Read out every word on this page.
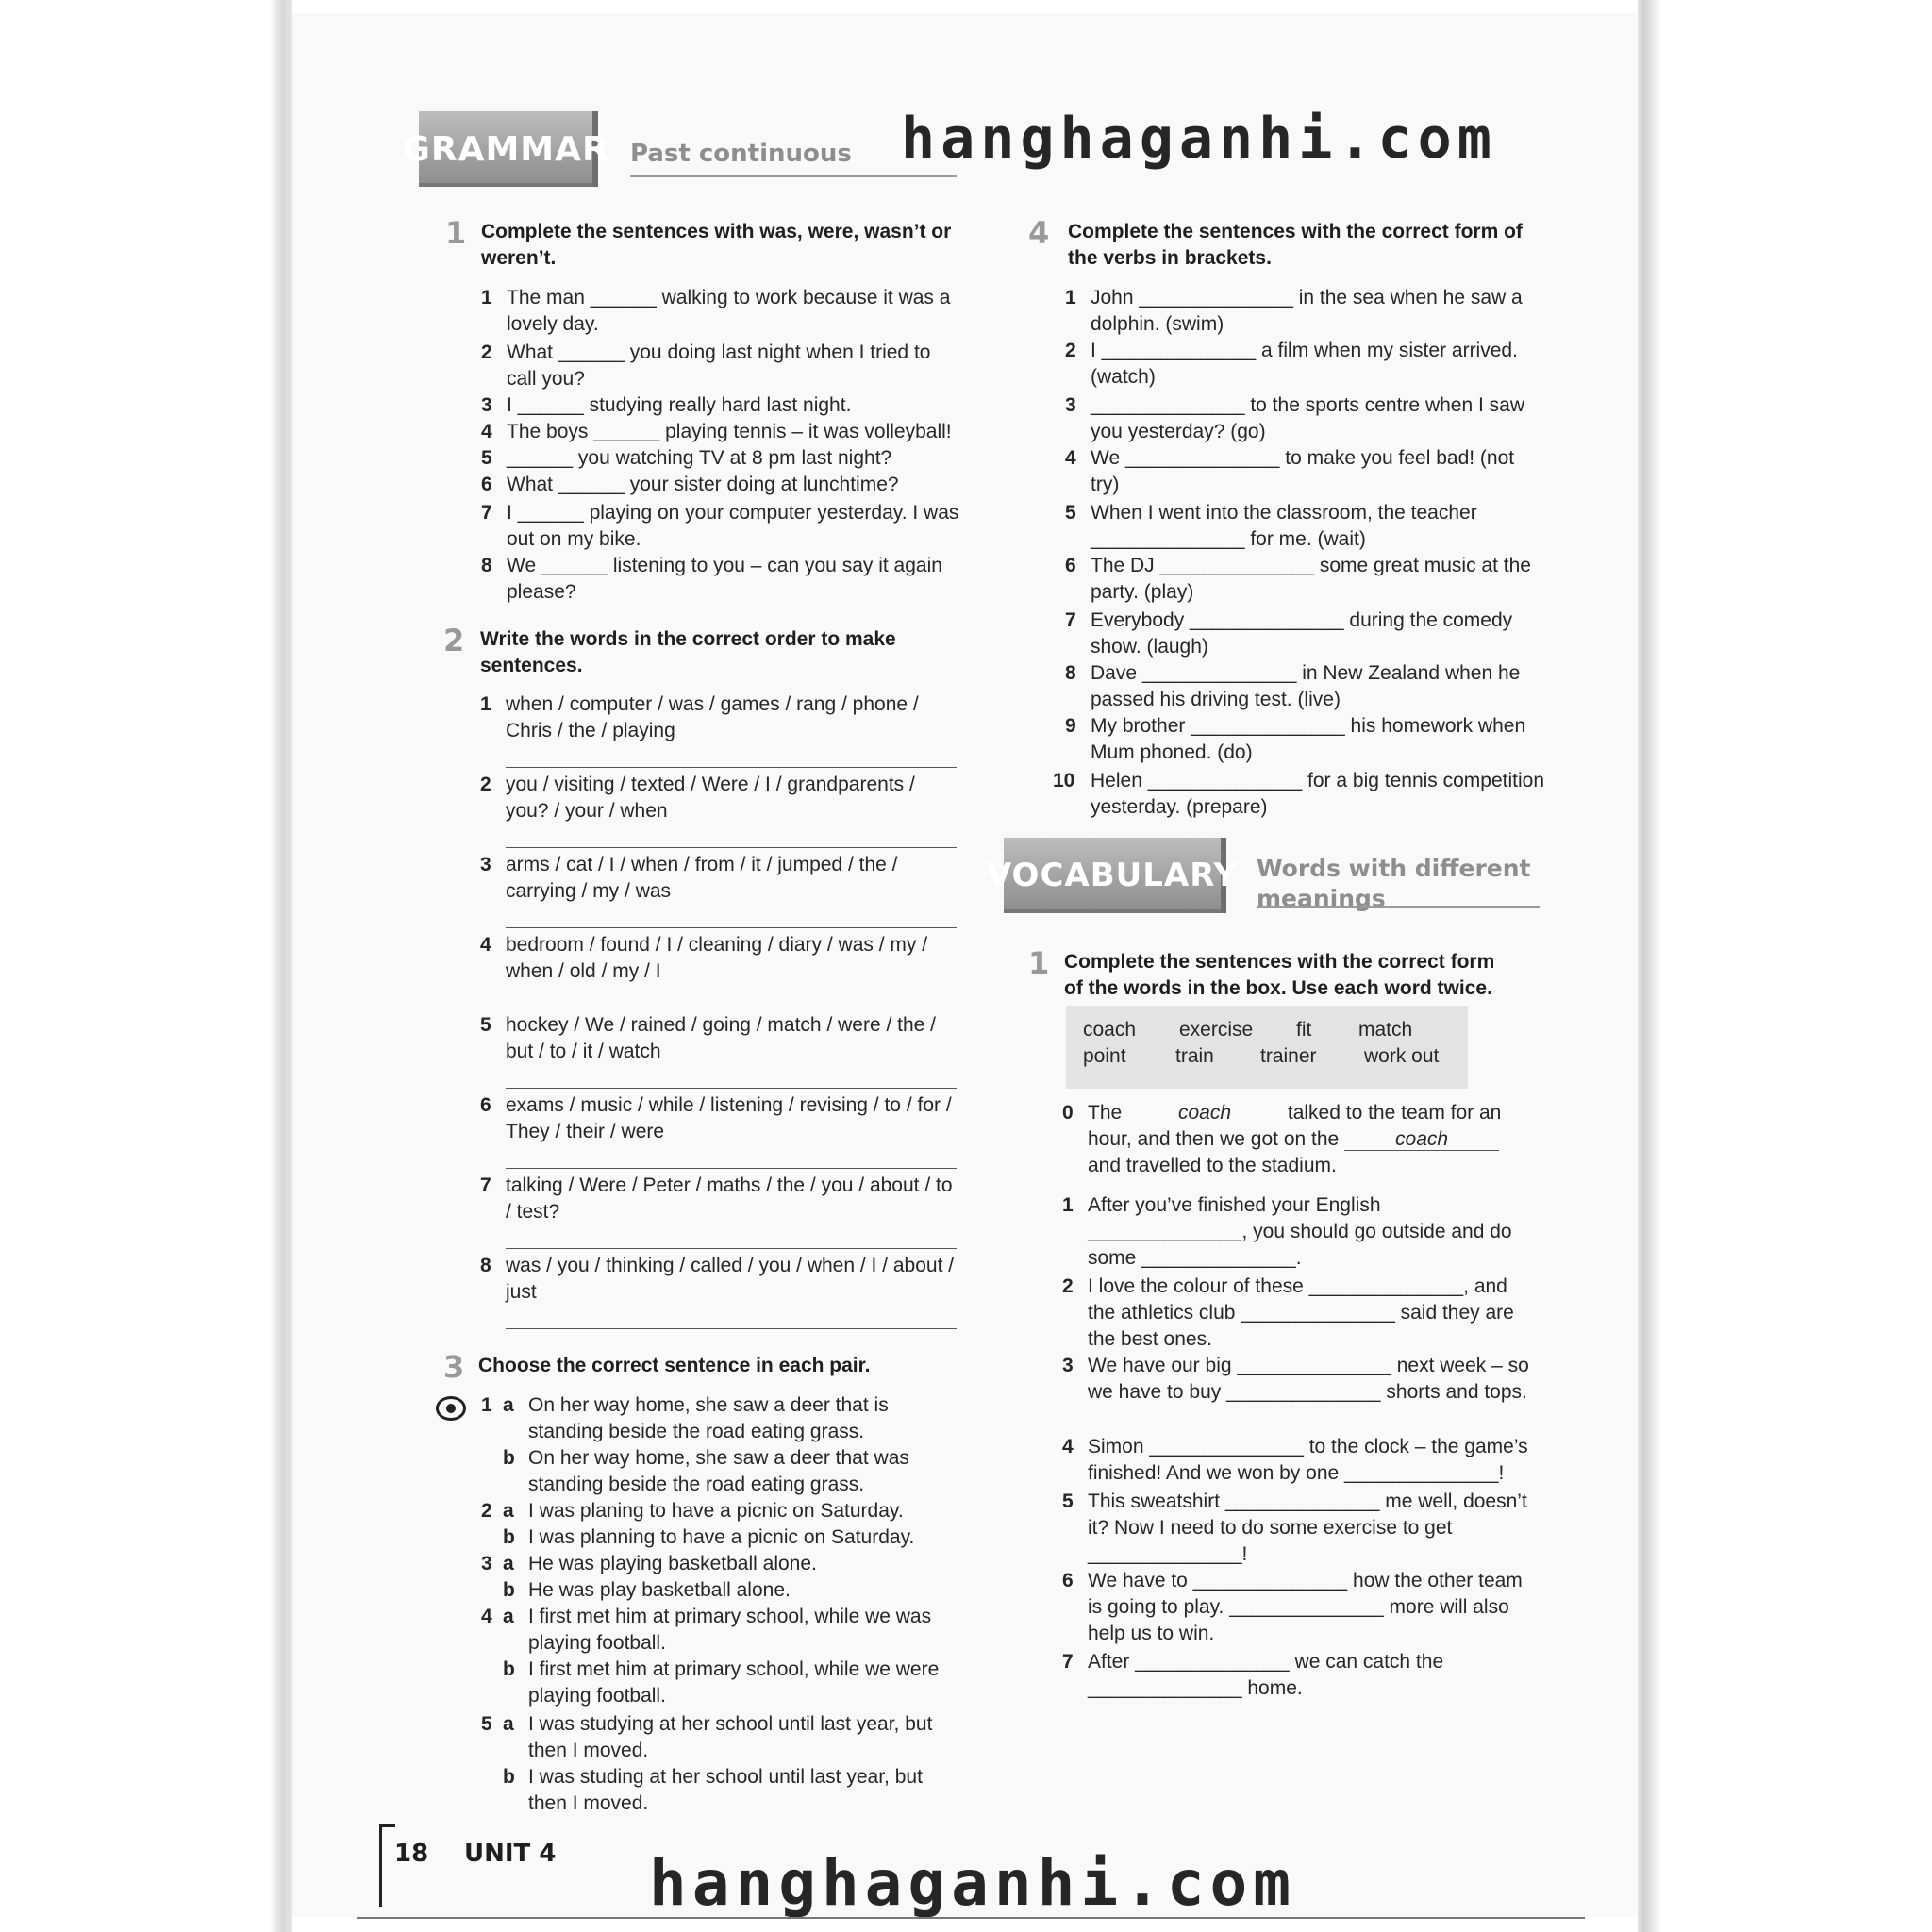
hanghaganhi.com
GRAMMAR Past continuous
1 Complete the sentences with was, were, wasn’t or weren’t.
1 The man ______ walking to work because it was a lovely day.
2 What ______ you doing last night when I tried to call you?
3 I ______ studying really hard last night.
4 The boys ______ playing tennis – it was volleyball!
5 ______ you watching TV at 8 pm last night?
6 What ______ your sister doing at lunchtime?
7 I ______ playing on your computer yesterday. I was out on my bike.
8 We ______ listening to you – can you say it again please?
2 Write the words in the correct order to make sentences.
1 when / computer / was / games / rang / phone / Chris / the / playing
2 you / visiting / texted / Were / I / grandparents / you? / your / when
3 arms / cat / I / when / from / it / jumped / the / carrying / my / was
4 bedroom / found / I / cleaning / diary / was / my / when / old / my / I
5 hockey / We / rained / going / match / were / the / but / to / it / watch
6 exams / music / while / listening / revising / to / for / They / their / were
7 talking / Were / Peter / maths / the / you / about / to / test?
8 was / you / thinking / called / you / when / I / about / just
3 Choose the correct sentence in each pair.
1 a On her way home, she saw a deer that is standing beside the road eating grass.
b On her way home, she saw a deer that was standing beside the road eating grass.
2 a I was planing to have a picnic on Saturday.
b I was planning to have a picnic on Saturday.
3 a He was playing basketball alone.
b He was play basketball alone.
4 a I first met him at primary school, while we was playing football.
b I first met him at primary school, while we were playing football.
5 a I was studying at her school until last year, but then I moved.
b I was studing at her school until last year, but then I moved.
4 Complete the sentences with the correct form of the verbs in brackets.
1 John ______________ in the sea when he saw a dolphin. (swim)
2 I ______________ a film when my sister arrived. (watch)
3 ______________ to the sports centre when I saw you yesterday? (go)
4 We ______________ to make you feel bad! (not try)
5 When I went into the classroom, the teacher ______________ for me. (wait)
6 The DJ ______________ some great music at the party. (play)
7 Everybody ______________ during the comedy show. (laugh)
8 Dave ______________ in New Zealand when he passed his driving test. (live)
9 My brother ______________ his homework when Mum phoned. (do)
10 Helen ______________ for a big tennis competition yesterday. (prepare)
VOCABULARY Words with different
meanings
1 Complete the sentences with the correct form of the words in the box. Use each word twice.
coach exercise fit match
point train trainer work out
0 The	coach	talked to the team for an hour, and then we got on the	coach and travelled to the stadium.
1 After you’ve finished your English ______________, you should go outside and do some ______________.
2 I love the colour of these ______________, and the athletics club ______________ said they are the best ones.
3 We have our big ______________ next week – so we have to buy ______________ shorts and tops.
4 Simon ______________ to the clock – the game’s finished! And we won by one ______________!
5 This sweatshirt ______________ me well, doesn’t it? Now I need to do some exercise to get ______________!
6 We have to ______________ how the other team is going to play. ______________ more will also help us to win.
7 After ______________ we can catch the ______________ home.
18 UNIT 4 hanghaganhi.com
